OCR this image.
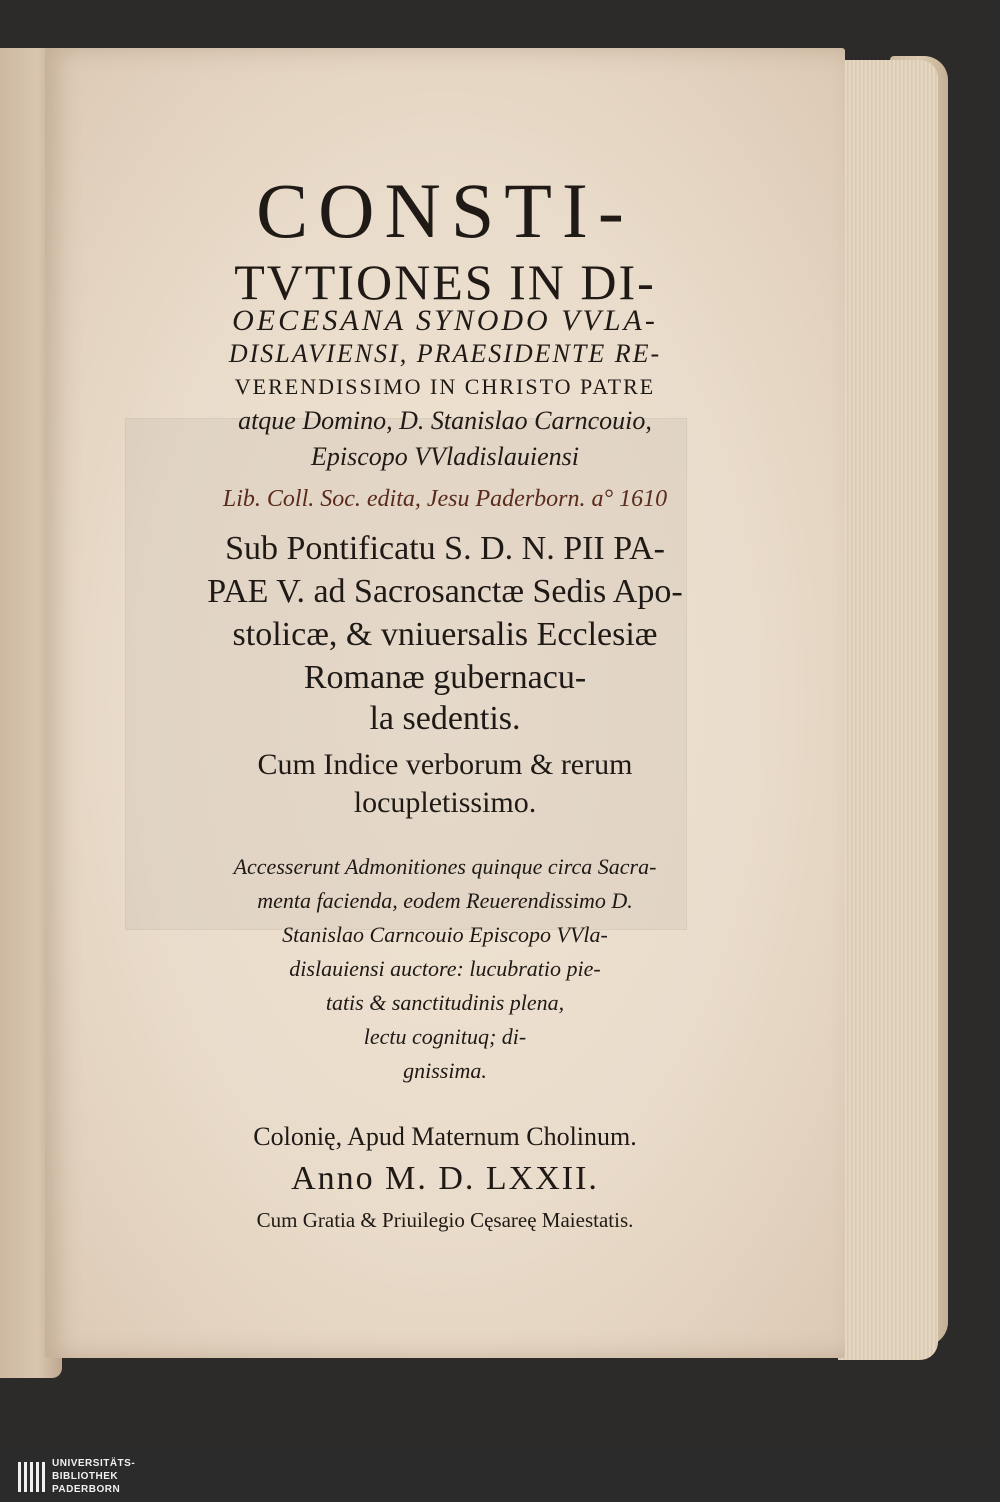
CONSTI-
TVTIONES IN DI-
OECESANA SYNODO VVLA-
DISLAVIENSI, PRAESIDENTE RE-
VERENDISSIMO IN CHRISTO PATRE
atque Domino, D. Stanislao Carncouio,
Episcopo VVladislauiensi
Lib. Coll. Soc. edita, Jesu Paderborn. a° 1610
Sub Pontificatu S. D. N. PII PA-
PAE V. ad Sacrosanctæ Sedis Apo-
stolicæ, & vniuersalis Ecclesiæ
Romanæ gubernacu-
la sedentis.
Cum Indice verborum & rerum
locupletissimo.
Accesserunt Admonitiones quinque circa Sacra-
menta facienda, eodem Reuerendissimo D.
Stanislao Carncouio Episcopo VVla-
dislauiensi auctore: lucubratio pie-
tatis & sanctitudinis plena,
lectu cognituq; di-
gnissima.
Colonię, Apud Maternum Cholinum.
Anno M. D. LXXII.
Cum Gratia & Priuilegio Cęsareę Maiestatis.
UNIVERSITÄTS-
BIBLIOTHEK
PADERBORN
